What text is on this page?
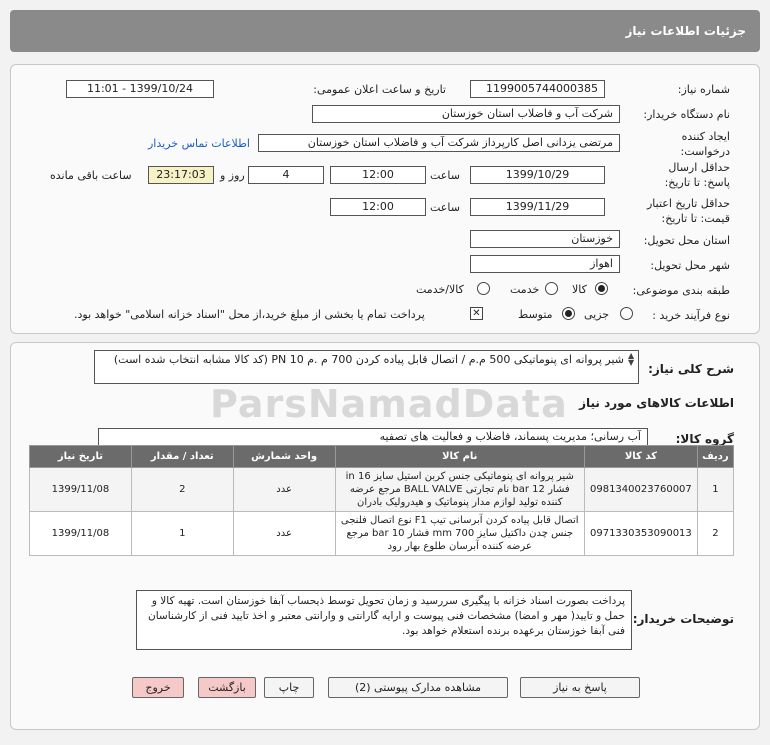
جزئیات اطلاعات نیاز
شماره نیاز:
1199005744000385
تاریخ و ساعت اعلان عمومی:
1399/10/24 - 11:01
نام دستگاه خریدار:
شرکت آب و فاضلاب استان خوزستان
ایجاد کننده درخواست:
مرتضی یزدانی اصل کارپرداز شرکت آب و فاضلاب استان خوزستان
اطلاعات تماس خریدار
حداقل ارسال پاسخ: تا تاریخ:
1399/10/29
ساعت
12:00
4
روز و
23:17:03
ساعت باقی مانده
حداقل تاریخ اعتبار قیمت: تا تاریخ:
1399/11/29
ساعت
12:00
استان محل تحویل:
خوزستان
شهر محل تحویل:
اهواز
طبقه بندی موضوعی:
کالا
خدمت
کالا/خدمت
نوع فرآیند خرید :
جزیی
متوسط
✕
پرداخت تمام یا بخشی از مبلغ خرید،از محل "اسناد خزانه اسلامی" خواهد بود.
شرح کلی نیاز:
شیر پروانه ای پنوماتیکی 500 م.م / اتصال قابل پیاده کردن 700 م .م PN 10 (کد کالا مشابه انتخاب شده است) ▲
▼
ParsNamadData اطلاعات کالاهای مورد نیاز
گروه کالا:
آب رسانی؛ مدیریت پسماند، فاضلاب و فعالیت های تصفیه
ردیف	کد کالا	نام کالا	واحد شمارش	تعداد / مقدار	تاریخ نیاز
1	0981340023760007	شیر پروانه ای پنوماتیکی جنس کربن استیل سایز in 16 فشار 12 bar نام تجارتی BALL VALVE مرجع عرضه کننده تولید لوازم مدار پنوماتیک و هیدرولیک بادران	عدد	2	1399/11/08
2	0971330353090013	اتصال قابل پیاده کردن آبرسانی تیپ F1 نوع اتصال فلنجی جنس چدن داکتیل سایز 700 mm فشار 10 bar مرجع عرضه کننده آبرسان طلوع بهار رود	عدد	1	1399/11/08
توضیحات خریدار:
پرداخت بصورت اسناد خزانه با پیگیری سررسید و زمان تحویل توسط ذیحساب آبفا خوزستان است. تهیه کالا و حمل و تایید( مهر و امضا) مشخصات فنی پیوست و ارایه گارانتی و وارانتی معتبر و اخذ تایید فنی از کارشناسان فنی آبفا خوزستان برعهده برنده استعلام خواهد بود.
پاسخ به نیاز
مشاهده مدارک پیوستی (2)
چاپ
بازگشت
خروج
